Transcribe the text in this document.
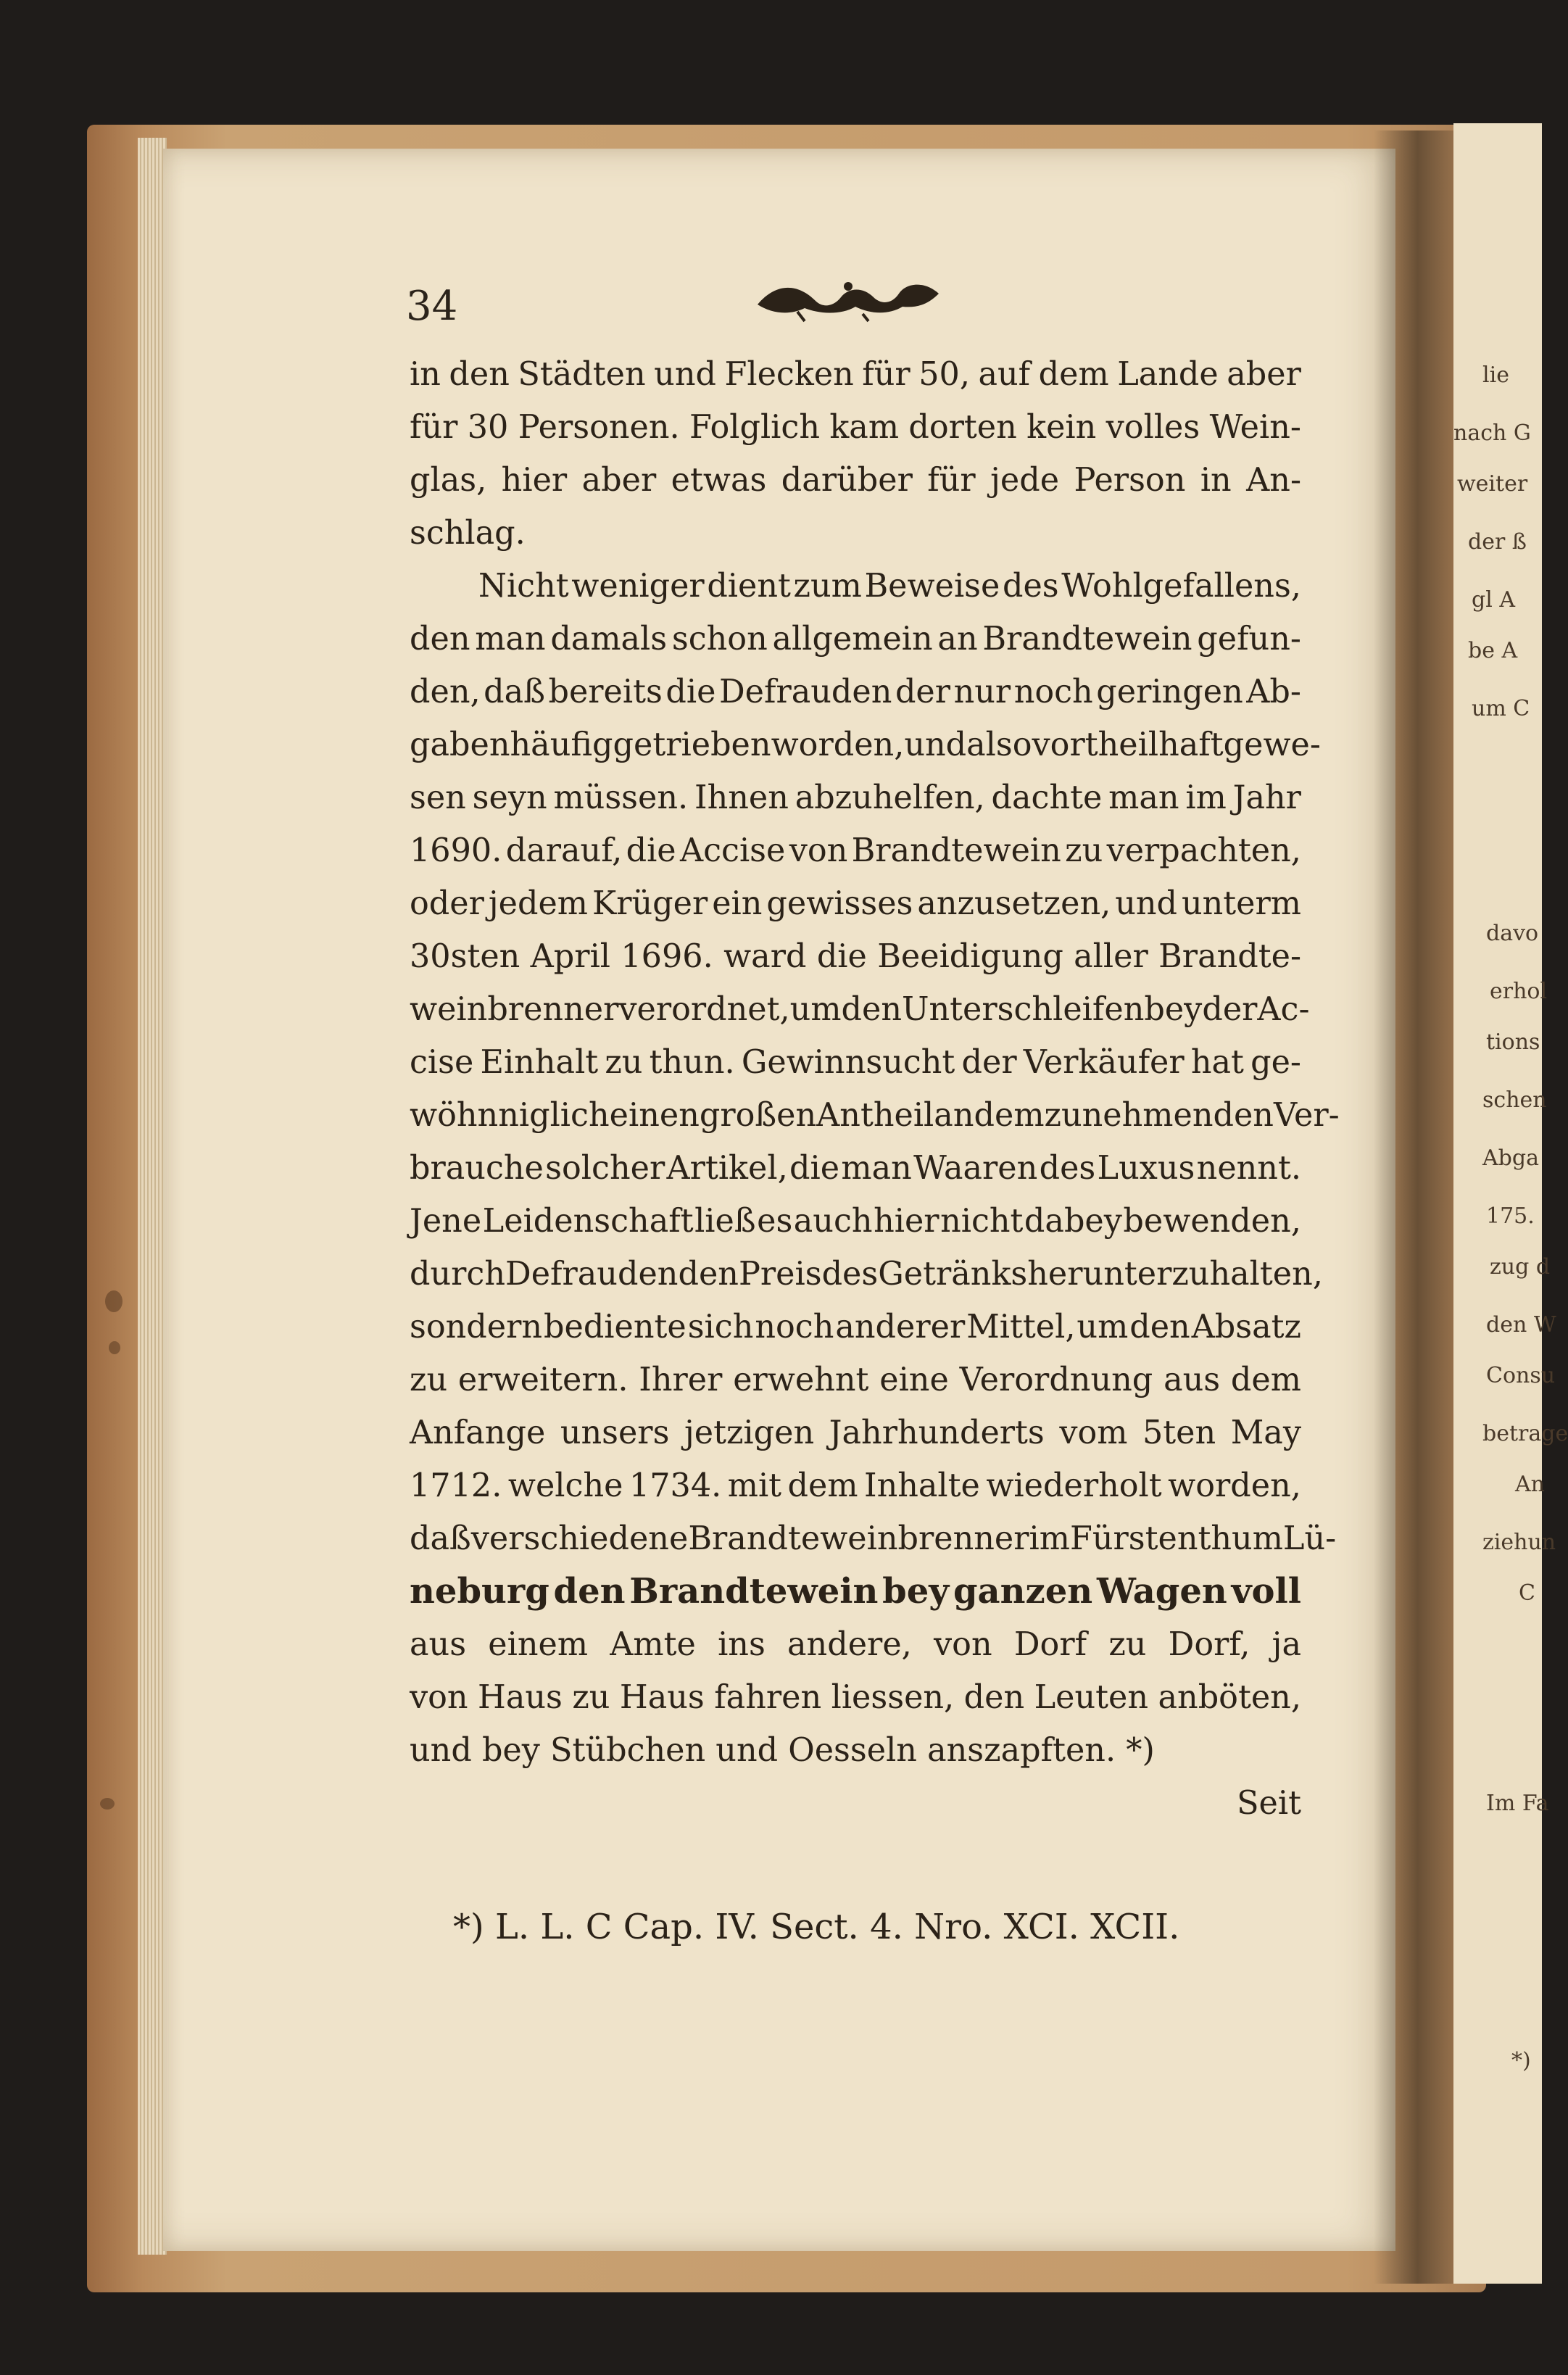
lie
nach G
weiter
der ß
gl A
be A
um C
davo
erhol
tions
schen
Abga
175.
zug d
den W
Consu
betrage
An
ziehun
C
Im Fa
*)
34
in den Städten und Flecken für 50, auf dem Lande aber
für 30 Personen. Folglich kam dorten kein volles Wein-
glas, hier aber etwas darüber für jede Person in An-
schlag.
Nicht weniger dient zum Beweise des Wohlgefallens,
den man damals schon allgemein an Brandtewein gefun-
den, daß bereits die Defrauden der nur noch geringen Ab-
gaben häufig getrieben worden, und also vortheilhaft gewe-
sen seyn müssen. Ihnen abzuhelfen, dachte man im Jahr
1690. darauf, die Accise von Brandtewein zu verpachten,
oder jedem Krüger ein gewisses anzusetzen, und unterm
30sten April 1696. ward die Beeidigung aller Brandte-
weinbrenner verordnet, um den Unterschleifen bey der Ac-
cise Einhalt zu thun. Gewinnsucht der Verkäufer hat ge-
wöhnniglich einen großen Antheil an dem zunehmenden Ver-
brauche solcher Artikel, die man Waaren des Luxus nennt.
Jene Leidenschaft ließ es auch hier nicht dabey bewenden,
durch Defrauden den Preis des Getränks herunterzuhalten,
sondern bediente sich noch anderer Mittel, um den Absatz
zu erweitern. Ihrer erwehnt eine Verordnung aus dem
Anfange unsers jetzigen Jahrhunderts vom 5ten May
1712. welche 1734. mit dem Inhalte wiederholt worden,
daß verschiedene Brandteweinbrenner im Fürstenthum Lü-
neburg den Brandtewein bey ganzen Wagen voll
aus einem Amte ins andere, von Dorf zu Dorf, ja
von Haus zu Haus fahren liessen, den Leuten anböten,
und bey Stübchen und Oesseln anszapften. *)
Seit
*) L. L. C Cap. IV. Sect. 4. Nro. XCI. XCII.
